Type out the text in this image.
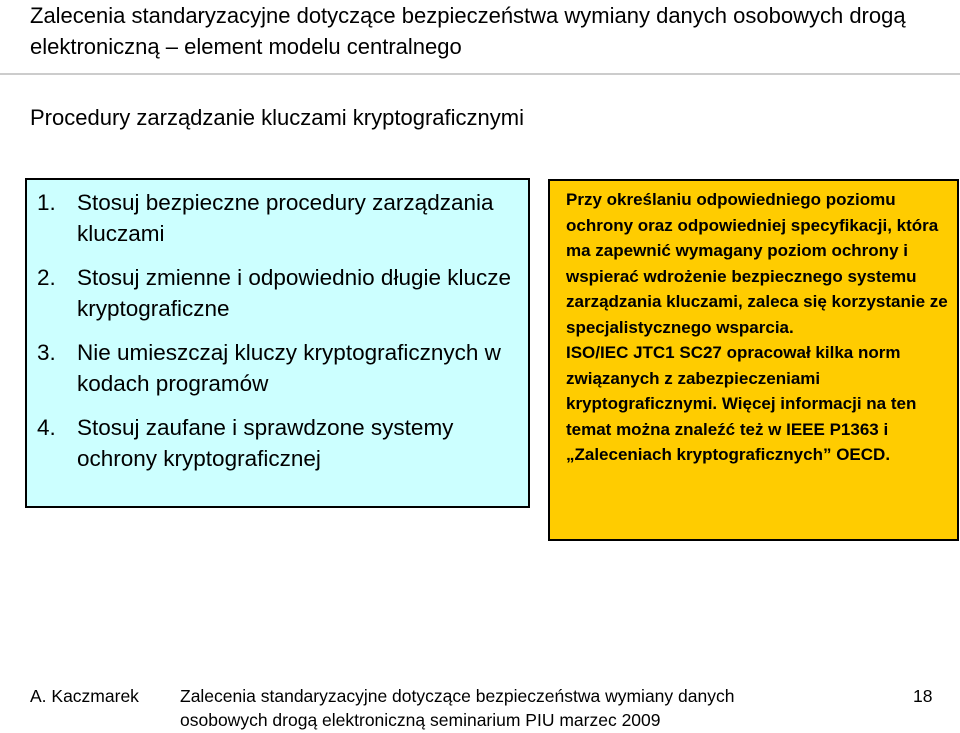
Zalecenia standaryzacyjne dotyczące bezpieczeństwa wymiany danych osobowych drogą elektroniczną – element modelu centralnego
Procedury zarządzanie kluczami kryptograficznymi
1. Stosuj bezpieczne procedury zarządzania kluczami
2. Stosuj zmienne i odpowiednio długie klucze kryptograficzne
3. Nie umieszczaj kluczy kryptograficznych w kodach programów
4. Stosuj zaufane i sprawdzone systemy ochrony kryptograficznej
Przy określaniu odpowiedniego poziomu ochrony oraz odpowiedniej specyfikacji, która ma zapewnić wymagany poziom ochrony i wspierać wdrożenie bezpiecznego systemu zarządzania kluczami, zaleca się korzystanie ze specjalistycznego wsparcia.
ISO/IEC JTC1 SC27 opracował kilka norm związanych z zabezpieczeniami kryptograficznymi. Więcej informacji na ten temat można znaleźć też w IEEE P1363 i „Zaleceniach kryptograficznych” OECD.
A. Kaczmarek Zalecenia standaryzacyjne dotyczące bezpieczeństwa wymiany danych
osobowych drogą elektroniczną seminarium PIU marzec 2009
18
